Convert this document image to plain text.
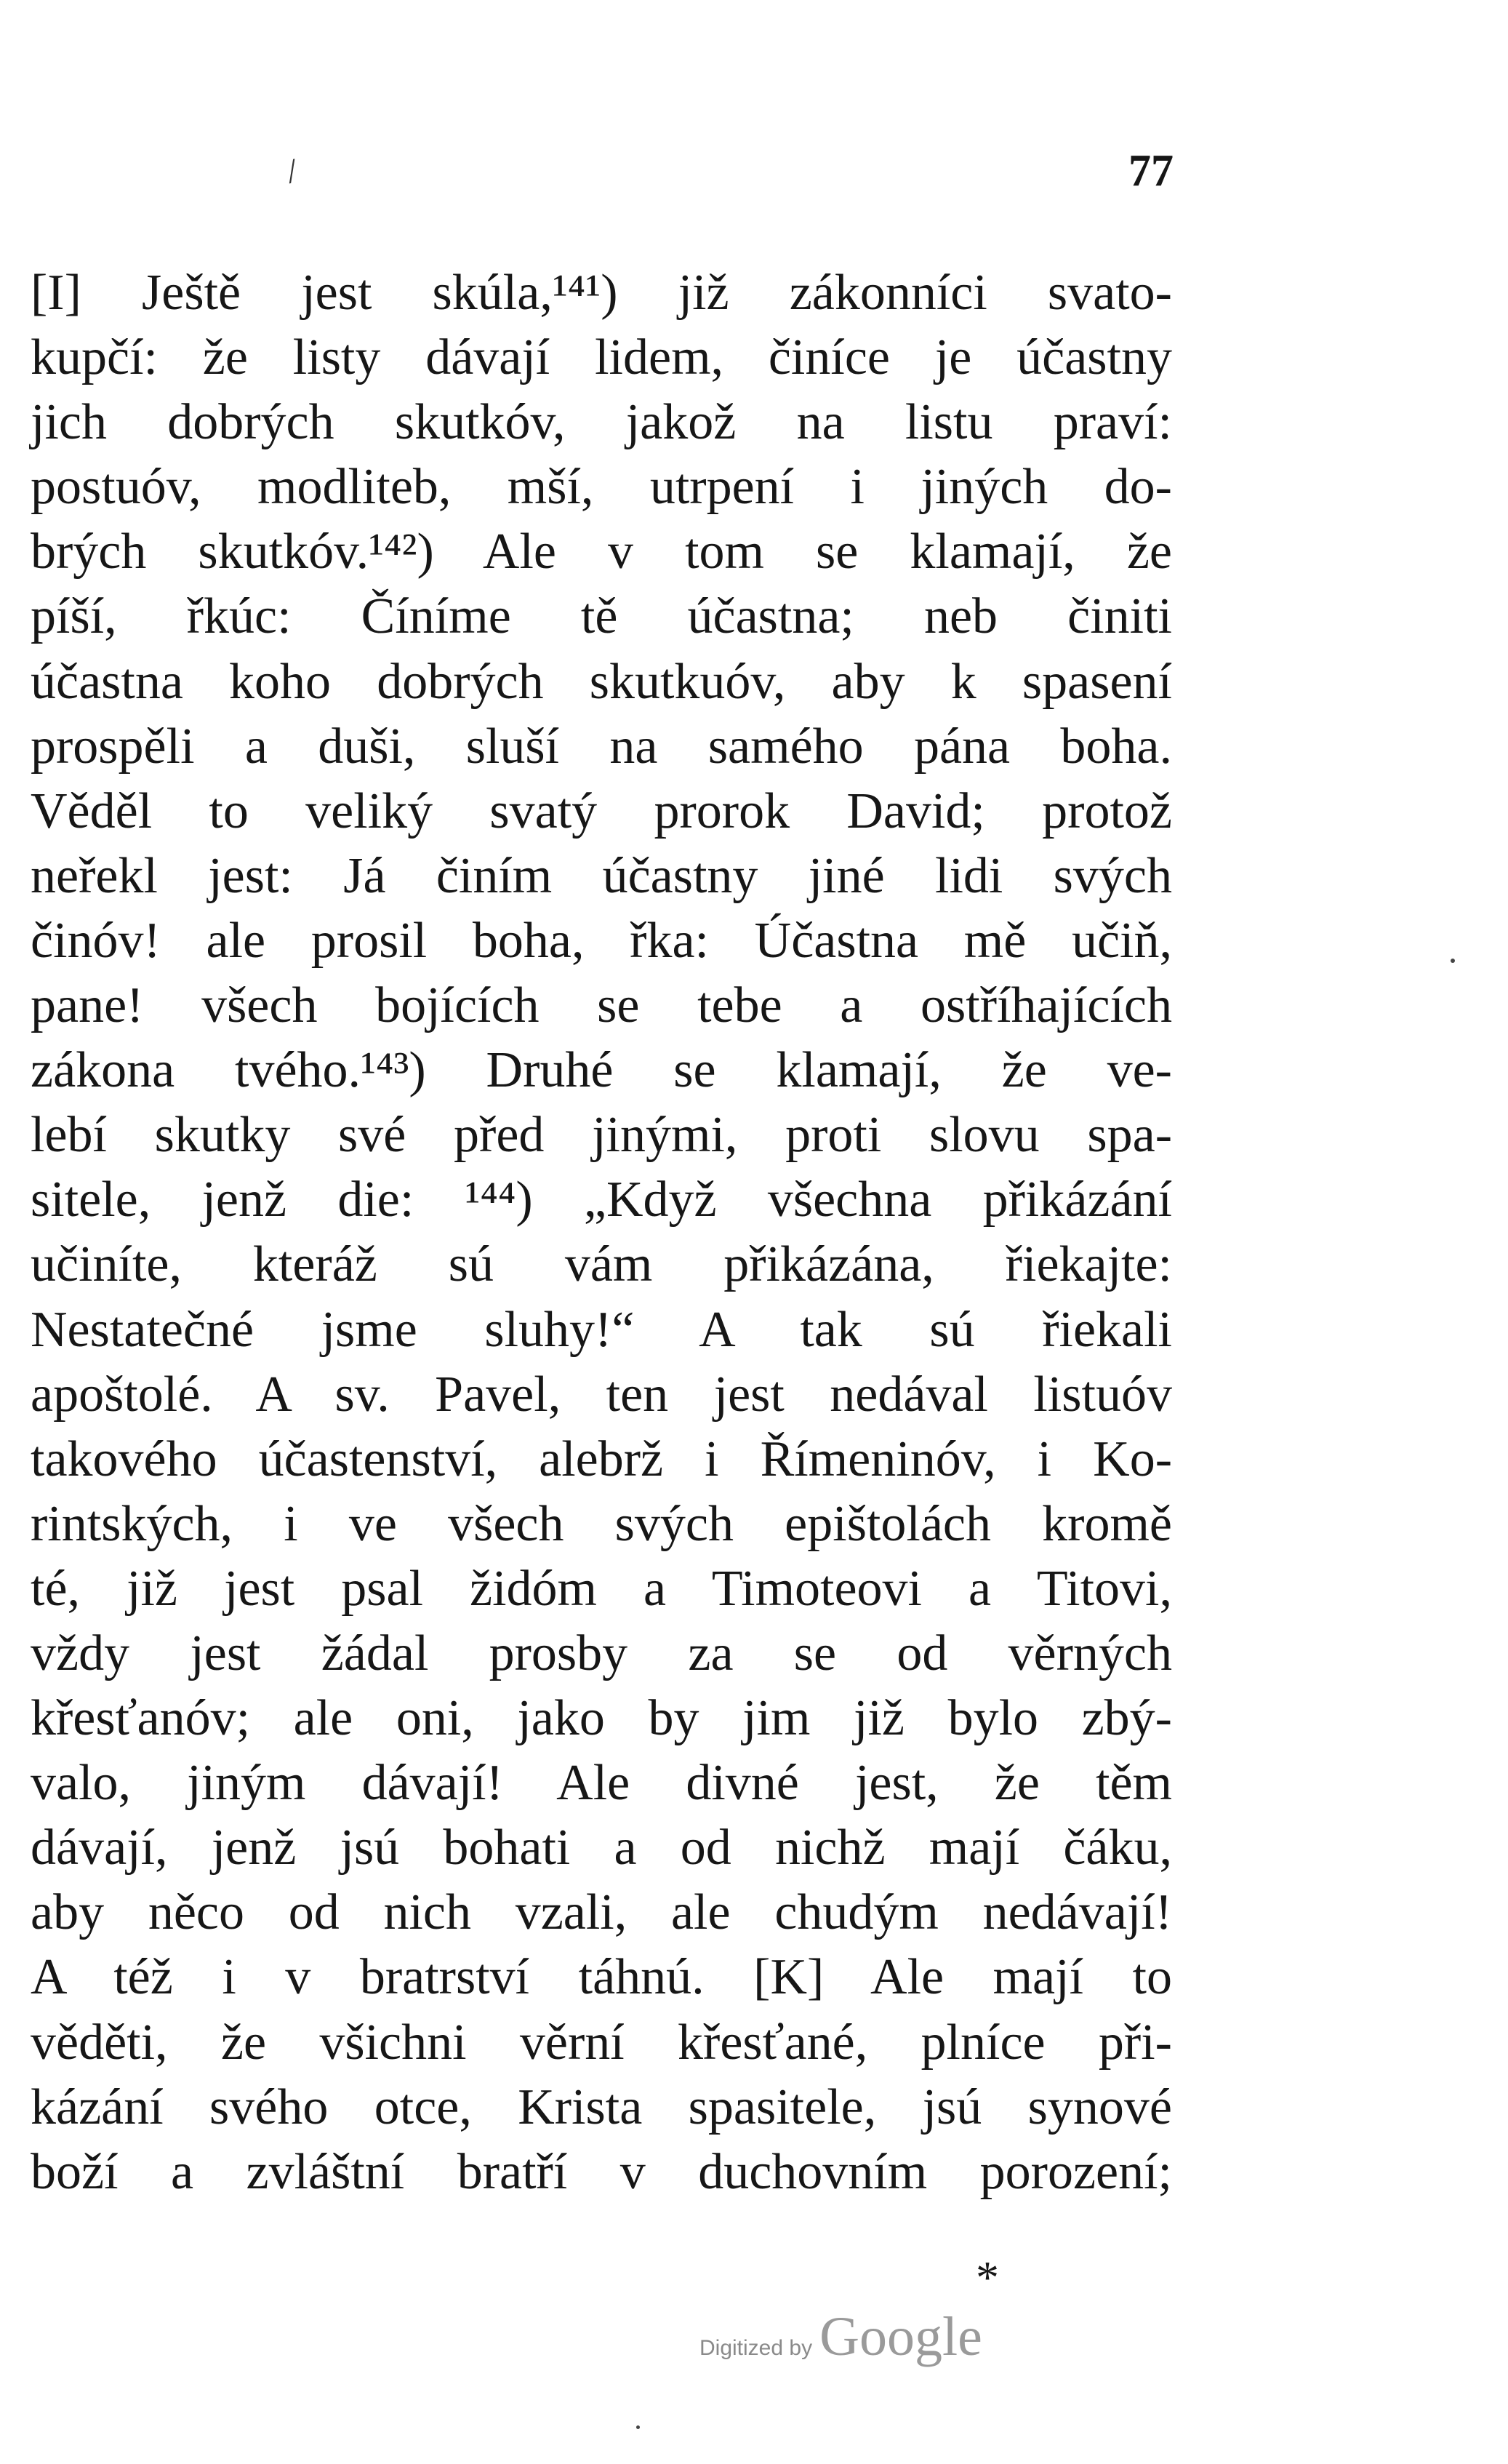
/	77
[I] Ještě jest skúla,¹⁴¹) již zákonníci svato-
kupčí: že listy dávají lidem, činíce je účastny
jich dobrých skutkóv, jakož na listu praví:
postuóv, modliteb, mší, utrpení i jiných do-
brých skutkóv.¹⁴²) Ale v tom se klamají, že
píší, řkúc: Číníme tě účastna; neb činiti
účastna koho dobrých skutkuóv, aby k spasení
prospěli a duši, sluší na samého pána boha.
Věděl to veliký svatý prorok David; protož
neřekl jest: Já činím účastny jiné lidi svých
činóv! ale prosil boha, řka: Účastna mě učiň,
pane! všech bojících se tebe a ostříhajících
zákona tvého.¹⁴³) Druhé se klamají, že ve-
lebí skutky své před jinými, proti slovu spa-
sitele, jenž die: ¹⁴⁴) „Když všechna přikázání
učiníte, kteráž sú vám přikázána, řiekajte:
Nestatečné jsme sluhy!“ A tak sú řiekali
apoštolé. A sv. Pavel, ten jest nedával listuóv
takového účastenství, alebrž i Římeninóv, i Ko-
rintských, i ve všech svých epištolách kromě
té, již jest psal židóm a Timoteovi a Titovi,
vždy jest žádal prosby za se od věrných
křesťanóv; ale oni, jako by jim již bylo zbý-
valo, jiným dávají! Ale divné jest, že těm
dávají, jenž jsú bohati a od nichž mají čáku,
aby něco od nich vzali, ale chudým nedávají!
A též i v bratrství táhnú. [K] Ale mají to
věděti, že všichni věrní křesťané, plníce při-
kázání svého otce, Krista spasitele, jsú synové
boží a zvláštní bratří v duchovním porození;
*
Digitized by Google
